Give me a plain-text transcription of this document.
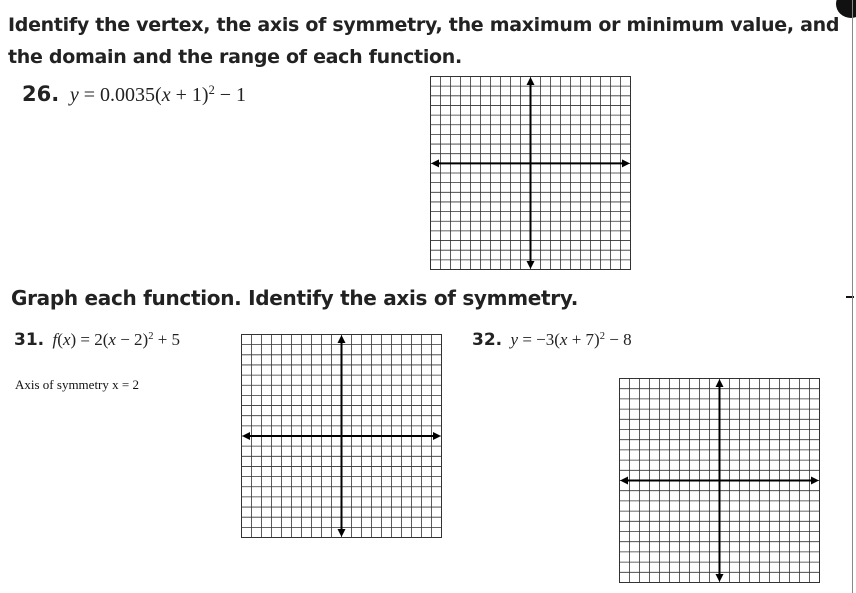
Identify the vertex, the axis of symmetry, the maximum or minimum value, and
the domain and the range of each function.
26. $y = 0.0035(x + 1)^2 - 1$
Graph each function. Identify the axis of symmetry.
31. $f(x) = 2(x - 2)^2 + 5$
Axis of symmetry x = 2
32. $y = -3(x + 7)^2 - 8$
